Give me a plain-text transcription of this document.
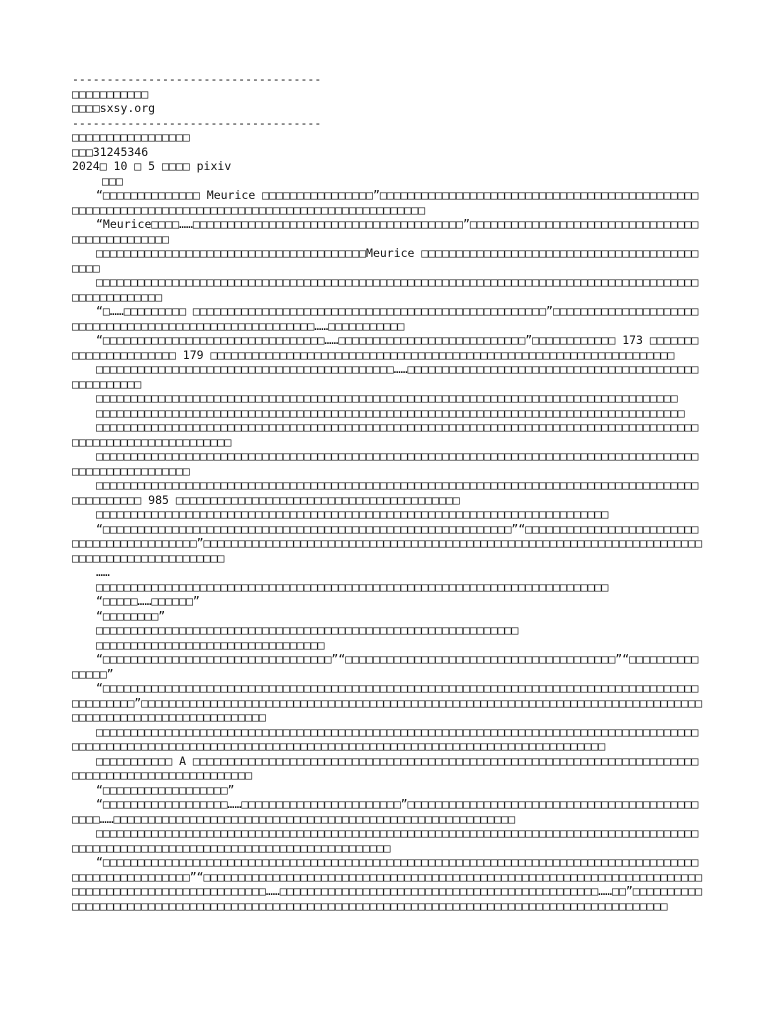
------------------------------------
□□□□□□□□□□□
□□□□sxsy.org
------------------------------------
□□□□□□□□□□□□□□□□□
□□□31245346
2024□ 10 □ 5 □□□□ pixiv
□□□
“□□□□□□□□□□□□□□ Meurice □□□□□□□□□□□□□□□□”□□□□□□□□□□□□□□□□□□□□□□□□□□□□□□□□□□□□□□□□□□□□□□□□□□□□□□□□□□□□□□□□□□□□□□□□□□□□□□□□□□□□□□□□□□□□□□□□□
“Meurice□□□□……□□□□□□□□□□□□□□□□□□□□□□□□□□□□□□□□□□□□□□□”□□□□□□□□□□□□□□□□□□□□□□□□□□□□□□□□□□□□□□□□□□□□□□□
□□□□□□□□□□□□□□□□□□□□□□□□□□□□□□□□□□□□□□□Meurice □□□□□□□□□□□□□□□□□□□□□□□□□□□□□□□□□□□□□□□□□□□□
□□□□□□□□□□□□□□□□□□□□□□□□□□□□□□□□□□□□□□□□□□□□□□□□□□□□□□□□□□□□□□□□□□□□□□□□□□□□□□□□□□□□□□□□□□□□□□□□□□□□
“□……□□□□□□□□□ □□□□□□□□□□□□□□□□□□□□□□□□□□□□□□□□□□□□□□□□□□□□□□□□□□□”□□□□□□□□□□□□□□□□□□□□□□□□□□□□□□□□□□□□□□□□□□□□□□□□□□□□□□□□……□□□□□□□□□□□
“□□□□□□□□□□□□□□□□□□□□□□□□□□□□□□□□……□□□□□□□□□□□□□□□□□□□□□□□□□□□”□□□□□□□□□□□□ 173 □□□□□□□□□□□□□□□□□□□□□□ 179 □□□□□□□□□□□□□□□□□□□□□□□□□□□□□□□□□□□□□□□□□□□□□□□□□□□□□□□□□□□□□□□□□□□
□□□□□□□□□□□□□□□□□□□□□□□□□□□□□□□□□□□□□□□□□□□……□□□□□□□□□□□□□□□□□□□□□□□□□□□□□□□□□□□□□□□□□□□□□□□□□□□□
□□□□□□□□□□□□□□□□□□□□□□□□□□□□□□□□□□□□□□□□□□□□□□□□□□□□□□□□□□□□□□□□□□□□□□□□□□□□□□□□□□□□
□□□□□□□□□□□□□□□□□□□□□□□□□□□□□□□□□□□□□□□□□□□□□□□□□□□□□□□□□□□□□□□□□□□□□□□□□□□□□□□□□□□□□
□□□□□□□□□□□□□□□□□□□□□□□□□□□□□□□□□□□□□□□□□□□□□□□□□□□□□□□□□□□□□□□□□□□□□□□□□□□□□□□□□□□□□□□□□□□□□□□□□□□□□□□□□□□□□□
□□□□□□□□□□□□□□□□□□□□□□□□□□□□□□□□□□□□□□□□□□□□□□□□□□□□□□□□□□□□□□□□□□□□□□□□□□□□□□□□□□□□□□□□□□□□□□□□□□□□□□□□
□□□□□□□□□□□□□□□□□□□□□□□□□□□□□□□□□□□□□□□□□□□□□□□□□□□□□□□□□□□□□□□□□□□□□□□□□□□□□□□□□□□□□□□□□□□□□□□□□ 985 □□□□□□□□□□□□□□□□□□□□□□□□□□□□□□□□□□□□□□□□□
□□□□□□□□□□□□□□□□□□□□□□□□□□□□□□□□□□□□□□□□□□□□□□□□□□□□□□□□□□□□□□□□□□□□□□□□□□
“□□□□□□□□□□□□□□□□□□□□□□□□□□□□□□□□□□□□□□□□□□□□□□□□□□□□□□□□□□□”“□□□□□□□□□□□□□□□□□□□□□□□□□□□□□□□□□□□□□□□□□□□”□□□□□□□□□□□□□□□□□□□□□□□□□□□□□□□□□□□□□□□□□□□□□□□□□□□□□□□□□□□□□□□□□□□□□□□□□□□□□□□□□□□□□□□□□□□□□□
……
□□□□□□□□□□□□□□□□□□□□□□□□□□□□□□□□□□□□□□□□□□□□□□□□□□□□□□□□□□□□□□□□□□□□□□□□□□
“□□□□□……□□□□□□”
“□□□□□□□□”
□□□□□□□□□□□□□□□□□□□□□□□□□□□□□□□□□□□□□□□□□□□□□□□□□□□□□□□□□□□□□
□□□□□□□□□□□□□□□□□□□□□□□□□□□□□□□□□
“□□□□□□□□□□□□□□□□□□□□□□□□□□□□□□□□□”“□□□□□□□□□□□□□□□□□□□□□□□□□□□□□□□□□□□□□□□”“□□□□□□□□□□□□□□□”
“□□□□□□□□□□□□□□□□□□□□□□□□□□□□□□□□□□□□□□□□□□□□□□□□□□□□□□□□□□□□□□□□□□□□□□□□□□□□□□□□□□□□□□□□□□□□□□□”□□□□□□□□□□□□□□□□□□□□□□□□□□□□□□□□□□□□□□□□□□□□□□□□□□□□□□□□□□□□□□□□□□□□□□□□□□□□□□□□□□□□□□□□□□□□□□□□□□□□□□□□□□□□□
□□□□□□□□□□□□□□□□□□□□□□□□□□□□□□□□□□□□□□□□□□□□□□□□□□□□□□□□□□□□□□□□□□□□□□□□□□□□□□□□□□□□□□□□□□□□□□□□□□□□□□□□□□□□□□□□□□□□□□□□□□□□□□□□□□□□□□□□□□□□□□□□□□□□□□□□□□□□□□□□□□□□
□□□□□□□□□□□ A □□□□□□□□□□□□□□□□□□□□□□□□□□□□□□□□□□□□□□□□□□□□□□□□□□□□□□□□□□□□□□□□□□□□□□□□□□□□□□□□□□□□□□□□□□□□□□□□□□□
“□□□□□□□□□□□□□□□□□□”
“□□□□□□□□□□□□□□□□□□……□□□□□□□□□□□□□□□□□□□□□□□”□□□□□□□□□□□□□□□□□□□□□□□□□□□□□□□□□□□□□□□□□□□□□□……□□□□□□□□□□□□□□□□□□□□□□□□□□□□□□□□□□□□□□□□□□□□□□□□□□□□□□□□□□
□□□□□□□□□□□□□□□□□□□□□□□□□□□□□□□□□□□□□□□□□□□□□□□□□□□□□□□□□□□□□□□□□□□□□□□□□□□□□□□□□□□□□□□□□□□□□□□□□□□□□□□□□□□□□□□□□□□□□□□□□□□□□□□□□□□□□
“□□□□□□□□□□□□□□□□□□□□□□□□□□□□□□□□□□□□□□□□□□□□□□□□□□□□□□□□□□□□□□□□□□□□□□□□□□□□□□□□□□□□□□□□□□□□□□□□□□□□□□□”“□□□□□□□□□□□□□□□□□□□□□□□□□□□□□□□□□□□□□□□□□□□□□□□□□□□□□□□□□□□□□□□□□□□□□□□□□□□□□□□□□□□□□□□□□□□□□□□□□□□□……□□□□□□□□□□□□□□□□□□□□□□□□□□□□□□□□□□□□□□□□□□□□□□……□□”□□□□□□□□□□□□□□□□□□□□□□□□□□□□□□□□□□□□□□□□□□□□□□□□□□□□□□□□□□□□□□□□□□□□□□□□□□□□□□□□□□□□□□□□□□□□□□□□
